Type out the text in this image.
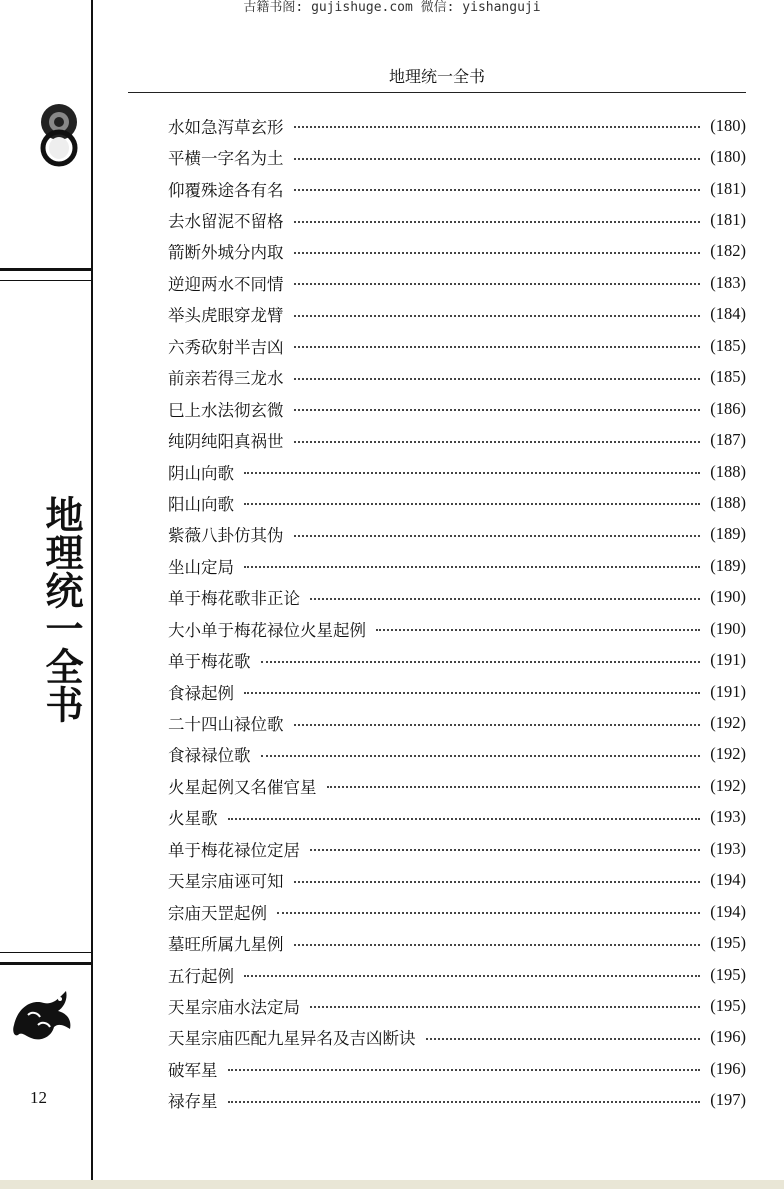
古籍书阁: gujishuge.com 微信: yishanguji
地理统一全书
12
地理统一全书
水如急泻草玄形	(180)
平横一字名为土	(180)
仰覆殊途各有名	(181)
去水留泥不留格	(181)
箭断外城分内取	(182)
逆迎两水不同情	(183)
举头虎眼穿龙臂	(184)
六秀砍射半吉凶	(185)
前亲若得三龙水	(185)
巳上水法彻玄微	(186)
纯阴纯阳真祸世	(187)
阴山向歌	(188)
阳山向歌	(188)
紫薇八卦仿其伪	(189)
坐山定局	(189)
单于梅花歌非正论	(190)
大小单于梅花禄位火星起例	(190)
单于梅花歌	(191)
食禄起例	(191)
二十四山禄位歌	(192)
食禄禄位歌	(192)
火星起例又名催官星	(192)
火星歌	(193)
单于梅花禄位定居	(193)
天星宗庙诬可知	(194)
宗庙天罡起例	(194)
墓旺所属九星例	(195)
五行起例	(195)
天星宗庙水法定局	(195)
天星宗庙匹配九星异名及吉凶断诀	(196)
破军星	(196)
禄存星	(197)
